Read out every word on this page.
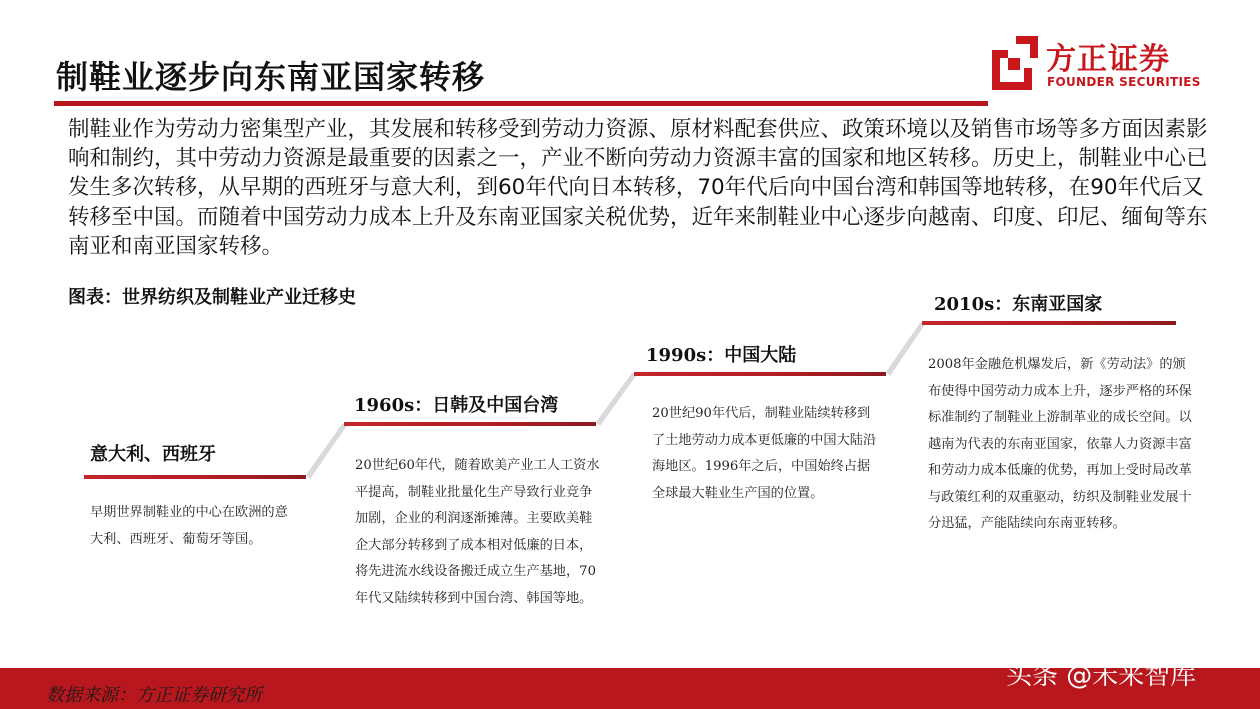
制鞋业逐步向东南亚国家转移	方正证券
FOUNDER SECURITIES
制鞋业作为劳动力密集型产业，其发展和转移受到劳动力资源、原材料配套供应、政策环境以及销售市场等多方面因素影响和制约，其中劳动力资源是最重要的因素之一，产业不断向劳动力资源丰富的国家和地区转移。历史上，制鞋业中心已发生多次转移，从早期的西班牙与意大利，到60年代向日本转移，70年代后向中国台湾和韩国等地转移，在90年代后又转移至中国。而随着中国劳动力成本上升及东南亚国家关税优势，近年来制鞋业中心逐步向越南、印度、印尼、缅甸等东南亚和南亚国家转移。
图表：世界纺织及制鞋业产业迁移史
意大利、西班牙
早期世界制鞋业的中心在欧洲的意大利、西班牙、葡萄牙等国。
1960s：日韩及中国台湾
20世纪60年代，随着欧美产业工人工资水平提高，制鞋业批量化生产导致行业竞争加剧，企业的利润逐渐摊薄。主要欧美鞋企大部分转移到了成本相对低廉的日本，将先进流水线设备搬迁成立生产基地，70年代又陆续转移到中国台湾、韩国等地。
1990s：中国大陆
20世纪90年代后，制鞋业陆续转移到了土地劳动力成本更低廉的中国大陆沿海地区。1996年之后，中国始终占据全球最大鞋业生产国的位置。
2010s：东南亚国家
2008年金融危机爆发后，新《劳动法》的颁布使得中国劳动力成本上升，逐步严格的环保标准制约了制鞋业上游制革业的成长空间。以越南为代表的东南亚国家，依靠人力资源丰富和劳动力成本低廉的优势，再加上受时局改革与政策红利的双重驱动，纺织及制鞋业发展十分迅猛，产能陆续向东南亚转移。
数据来源：方正证券研究所
头条 @未来智库
